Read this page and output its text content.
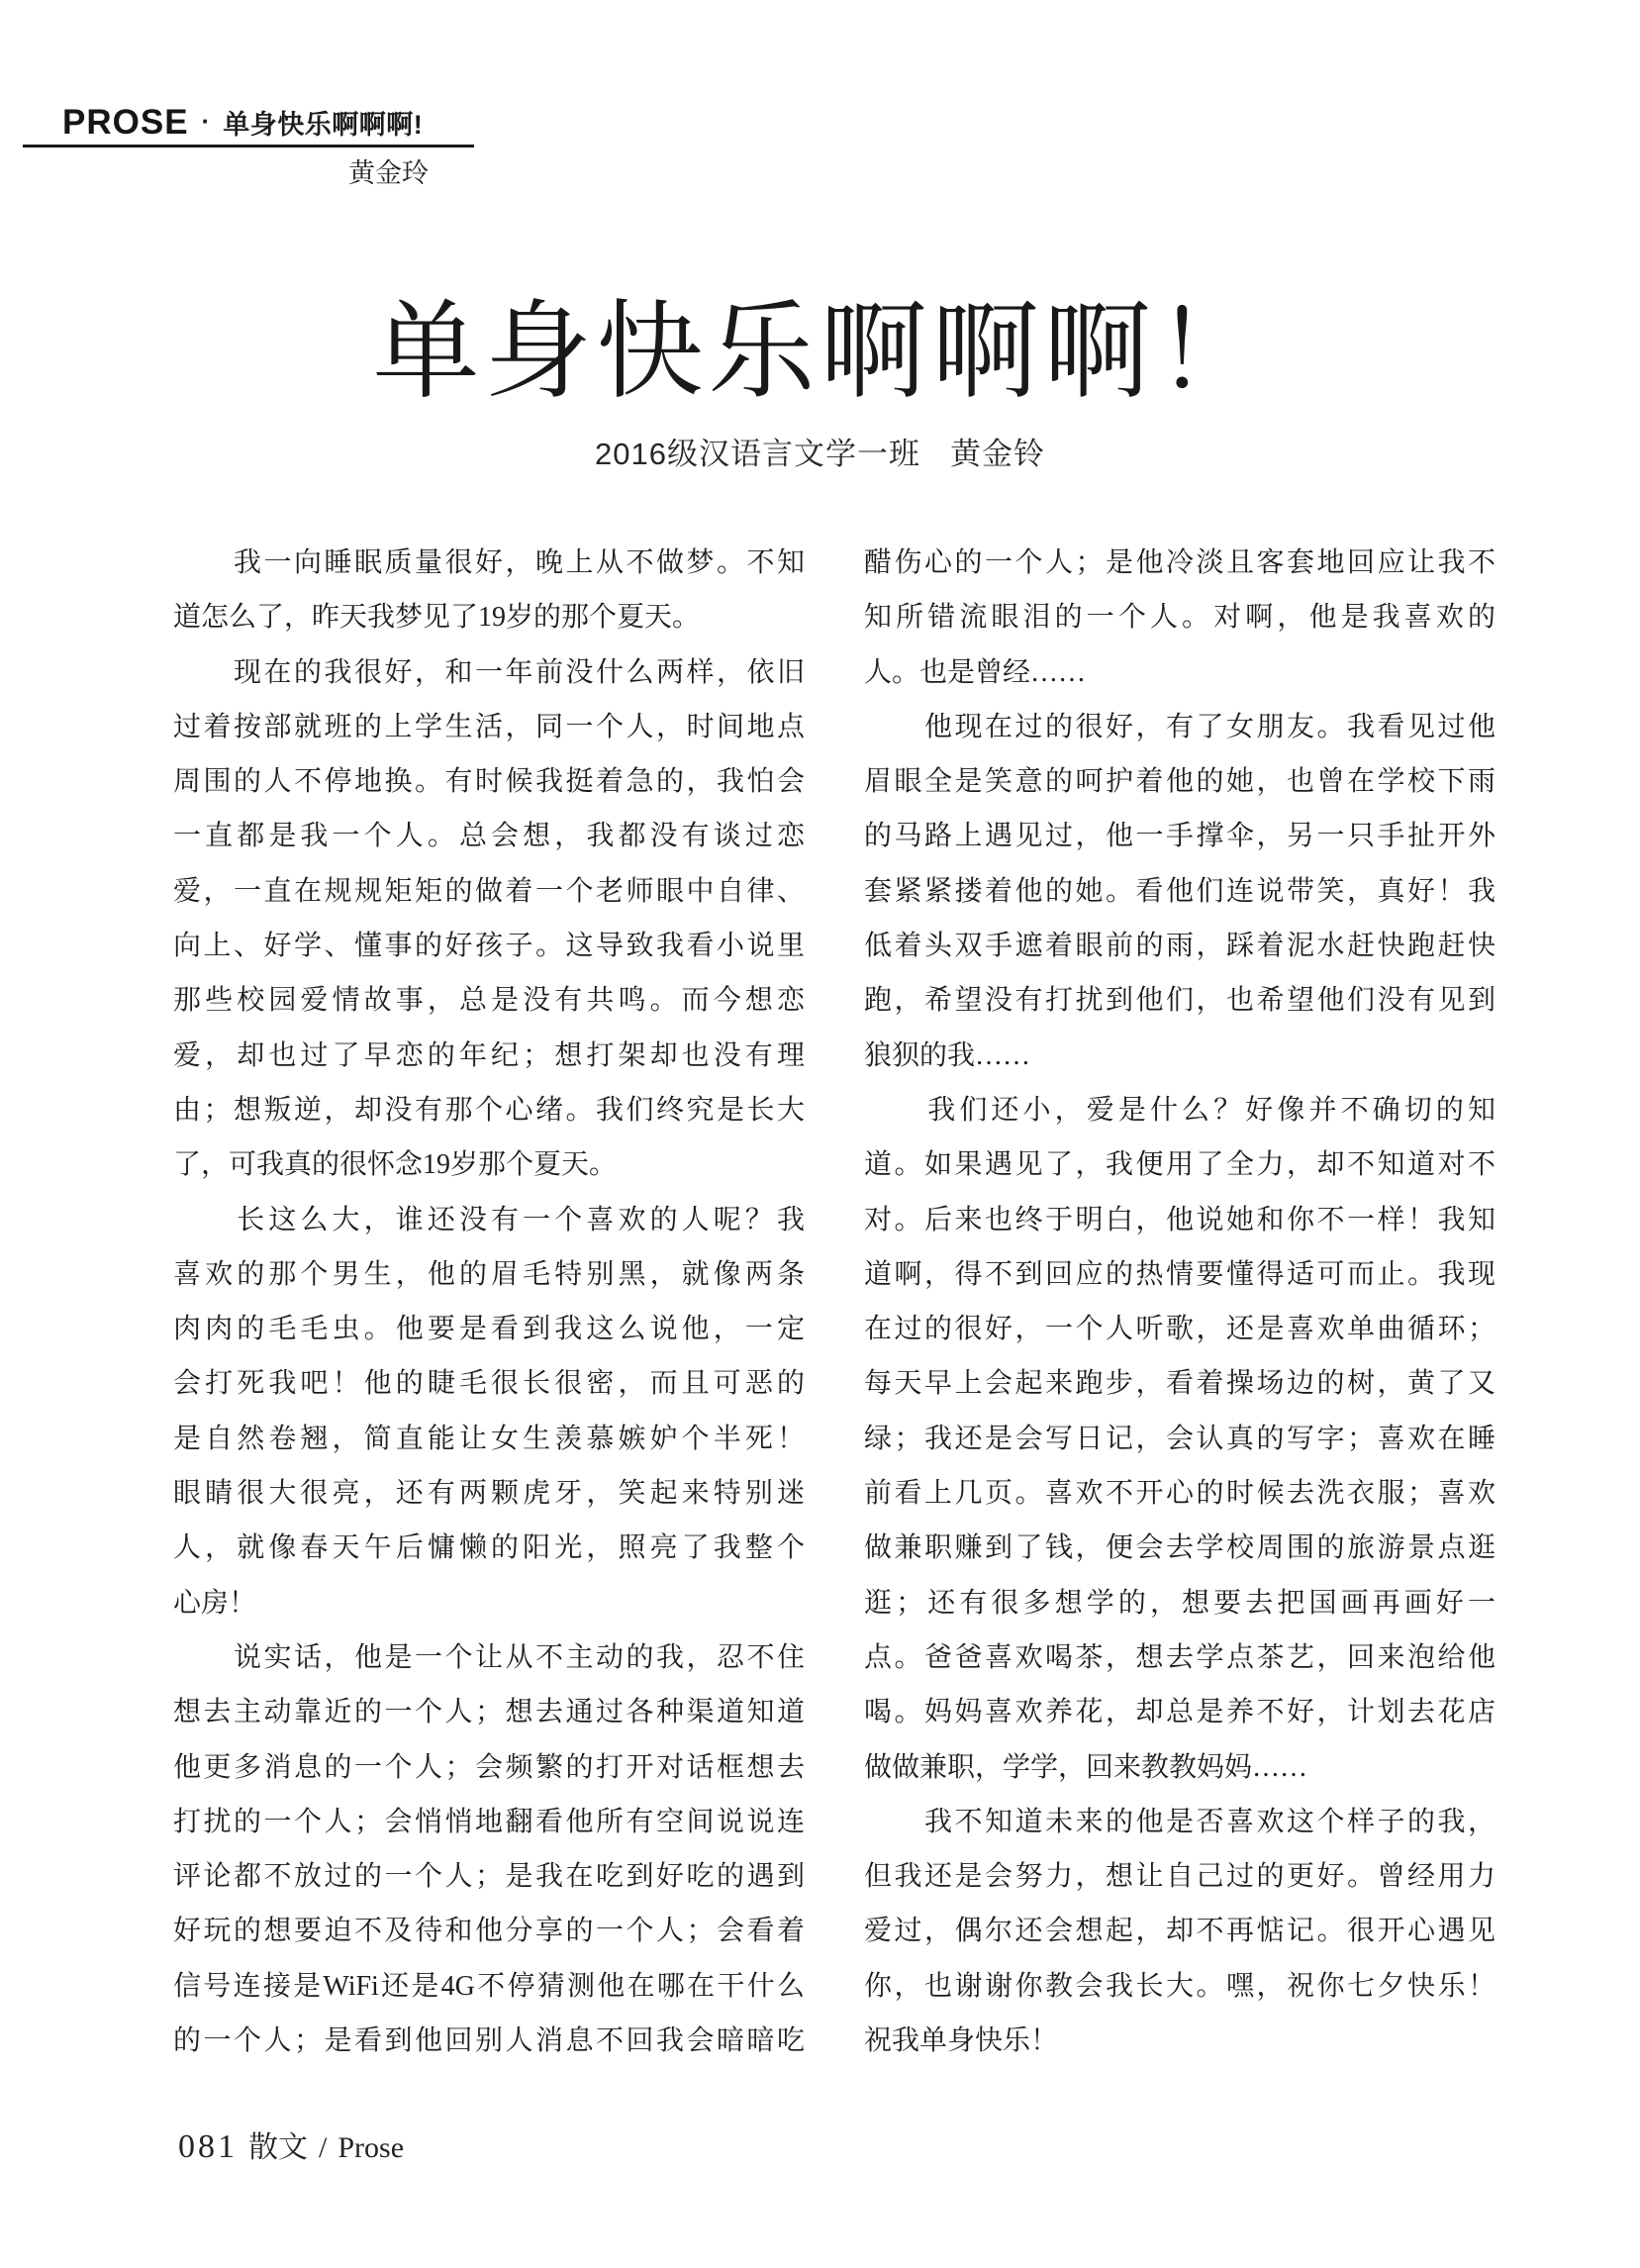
PROSE · 单身快乐啊啊啊!
黄金玲
单身快乐啊啊啊！
2016级汉语言文学一班 黄金铃
　　我一向睡眠质量很好，晚上从不做梦。不知
道怎么了，昨天我梦见了19岁的那个夏天。
　　现在的我很好，和一年前没什么两样，依旧
过着按部就班的上学生活，同一个人，时间地点
周围的人不停地换。有时候我挺着急的，我怕会
一直都是我一个人。总会想，我都没有谈过恋
爱，一直在规规矩矩的做着一个老师眼中自律、
向上、好学、懂事的好孩子。这导致我看小说里
那些校园爱情故事，总是没有共鸣。而今想恋
爱，却也过了早恋的年纪；想打架却也没有理
由；想叛逆，却没有那个心绪。我们终究是长大
了，可我真的很怀念19岁那个夏天。
　　长这么大，谁还没有一个喜欢的人呢？我
喜欢的那个男生，他的眉毛特别黑，就像两条
肉肉的毛毛虫。他要是看到我这么说他，一定
会打死我吧！他的睫毛很长很密，而且可恶的
是自然卷翘，简直能让女生羡慕嫉妒个半死！
眼睛很大很亮，还有两颗虎牙，笑起来特别迷
人，就像春天午后慵懒的阳光，照亮了我整个
心房！
　　说实话，他是一个让从不主动的我，忍不住
想去主动靠近的一个人；想去通过各种渠道知道
他更多消息的一个人；会频繁的打开对话框想去
打扰的一个人；会悄悄地翻看他所有空间说说连
评论都不放过的一个人；是我在吃到好吃的遇到
好玩的想要迫不及待和他分享的一个人；会看着
信号连接是WiFi还是4G不停猜测他在哪在干什么
的一个人；是看到他回别人消息不回我会暗暗吃
醋伤心的一个人；是他冷淡且客套地回应让我不
知所错流眼泪的一个人。对啊，他是我喜欢的
人。也是曾经……
　　他现在过的很好，有了女朋友。我看见过他
眉眼全是笑意的呵护着他的她，也曾在学校下雨
的马路上遇见过，他一手撑伞，另一只手扯开外
套紧紧搂着他的她。看他们连说带笑，真好！我
低着头双手遮着眼前的雨，踩着泥水赶快跑赶快
跑，希望没有打扰到他们，也希望他们没有见到
狼狈的我……
　　我们还小，爱是什么？好像并不确切的知
道。如果遇见了，我便用了全力，却不知道对不
对。后来也终于明白，他说她和你不一样！我知
道啊，得不到回应的热情要懂得适可而止。我现
在过的很好，一个人听歌，还是喜欢单曲循环；
每天早上会起来跑步，看着操场边的树，黄了又
绿；我还是会写日记，会认真的写字；喜欢在睡
前看上几页。喜欢不开心的时候去洗衣服；喜欢
做兼职赚到了钱，便会去学校周围的旅游景点逛
逛；还有很多想学的，想要去把国画再画好一
点。爸爸喜欢喝茶，想去学点茶艺，回来泡给他
喝。妈妈喜欢养花，却总是养不好，计划去花店
做做兼职，学学，回来教教妈妈……
　　我不知道未来的他是否喜欢这个样子的我，
但我还是会努力，想让自己过的更好。曾经用力
爱过，偶尔还会想起，却不再惦记。很开心遇见
你，也谢谢你教会我长大。嘿，祝你七夕快乐！
祝我单身快乐！
081 散文 / Prose
